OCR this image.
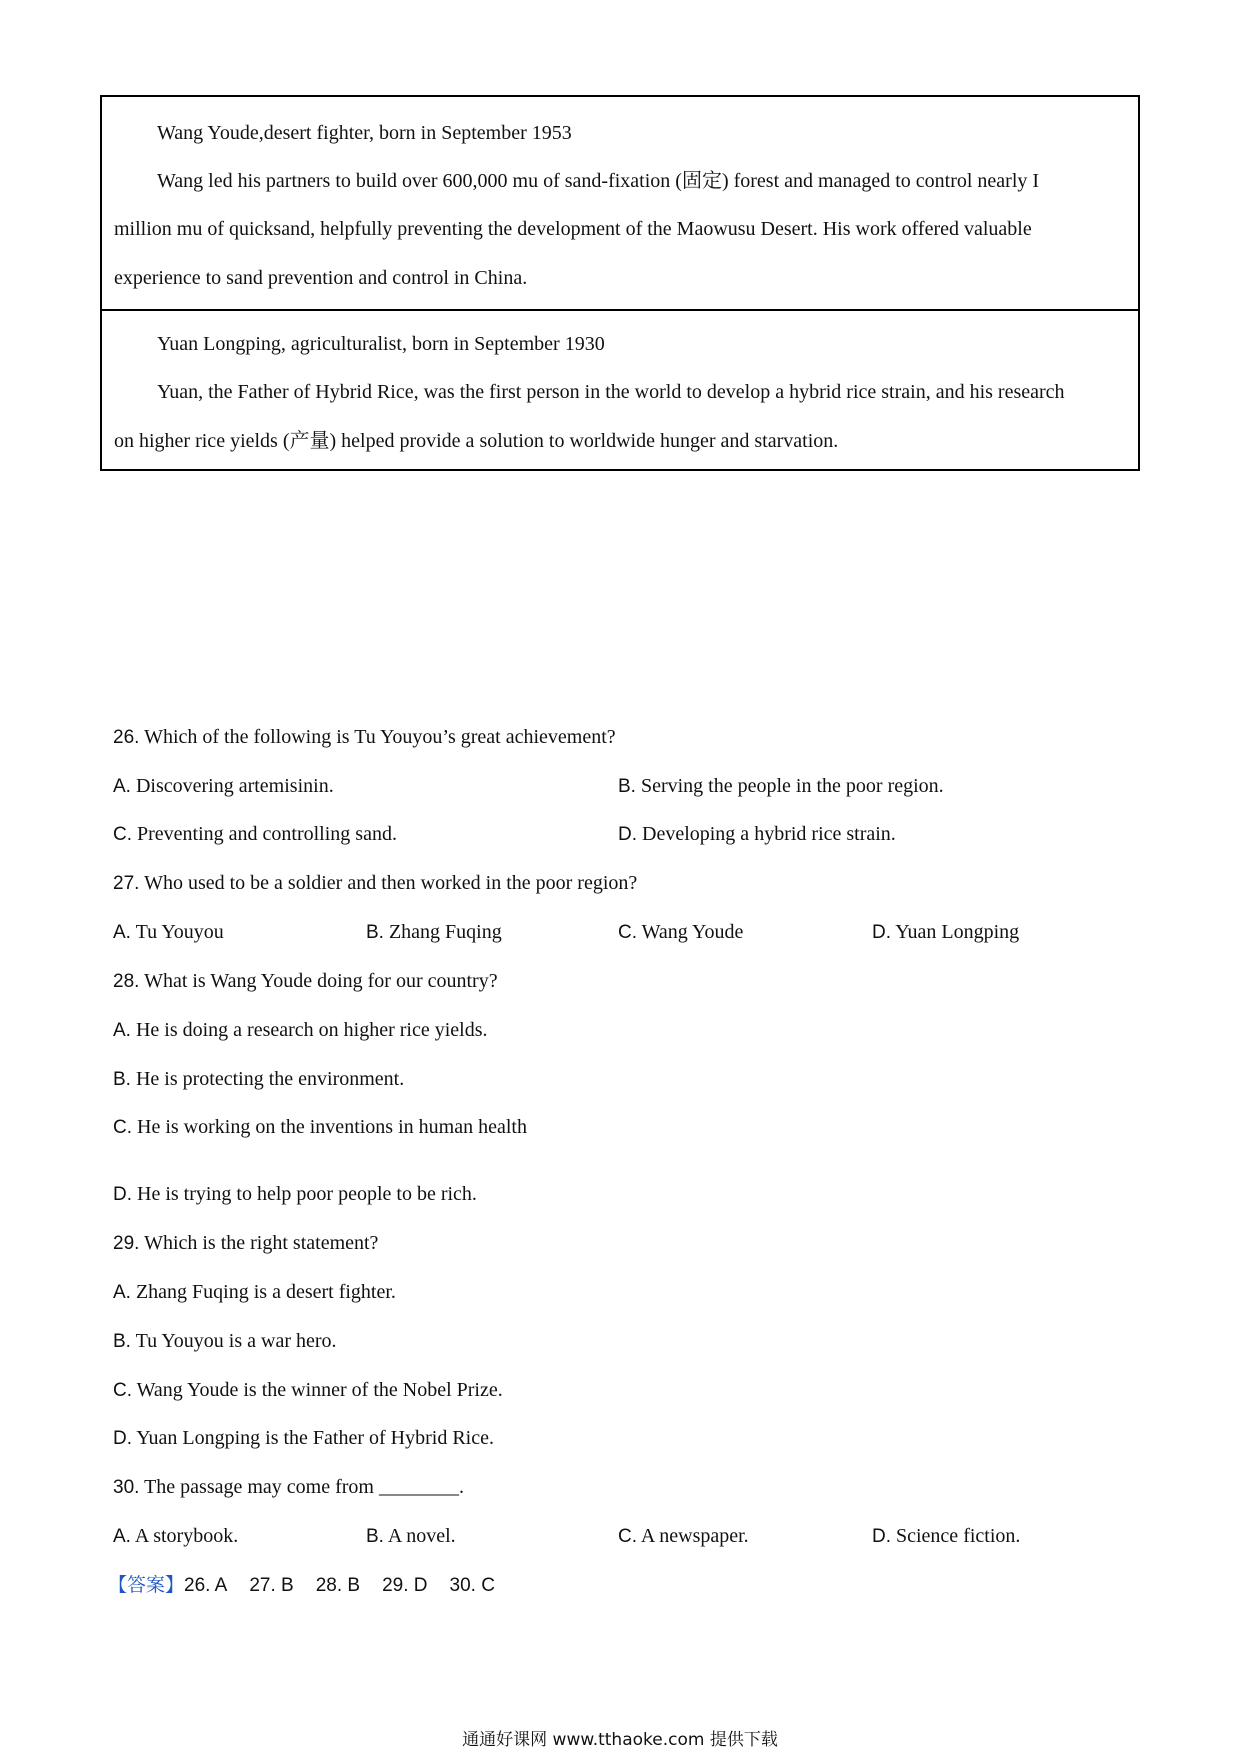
Wang Youde,desert fighter, born in September 1953
Wang led his partners to build over 600,000 mu of sand-fixation (固定) forest and managed to control nearly I
million mu of quicksand, helpfully preventing the development of the Maowusu Desert. His work offered valuable
experience to sand prevention and control in China.
Yuan Longping, agriculturalist, born in September 1930
Yuan, the Father of Hybrid Rice, was the first person in the world to develop a hybrid rice strain, and his research
on higher rice yields (产量) helped provide a solution to worldwide hunger and starvation.
26. Which of the following is Tu Youyou’s great achievement?
A. Discovering artemisinin.	B. Serving the people in the poor region.
C. Preventing and controlling sand.	D. Developing a hybrid rice strain.
27. Who used to be a soldier and then worked in the poor region?
A. Tu Youyou	B. Zhang Fuqing	C. Wang Youde	D. Yuan Longping
28. What is Wang Youde doing for our country?
A. He is doing a research on higher rice yields.
B. He is protecting the environment.
C. He is working on the inventions in human health
D. He is trying to help poor people to be rich.
29. Which is the right statement?
A. Zhang Fuqing is a desert fighter.
B. Tu Youyou is a war hero.
C. Wang Youde is the winner of the Nobel Prize.
D. Yuan Longping is the Father of Hybrid Rice.
30. The passage may come from ________.
A. A storybook.	B. A novel.	C. A newspaper.	D. Science fiction.
【答案】26. A 27. B 28. B 29. D 30. C
通通好课网 www.tthaoke.com 提供下载
